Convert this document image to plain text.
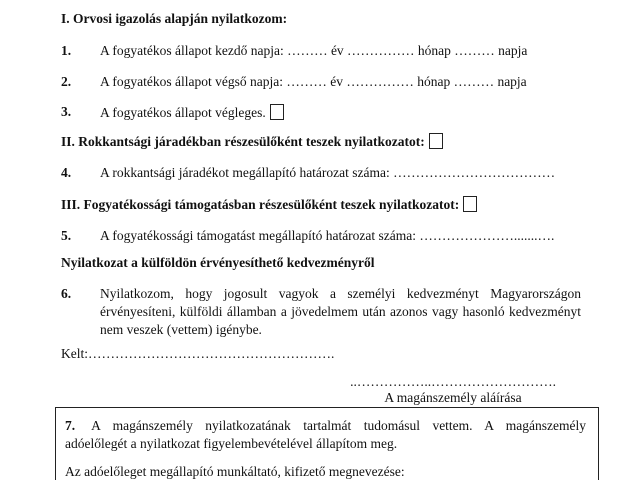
I. Orvosi igazolás alapján nyilatkozom:
1. A fogyatékos állapot kezdő napja: ……… év …………… hónap ……… napja
2. A fogyatékos állapot végső napja: ……… év …………… hónap ……… napja
3. A fogyatékos állapot végleges.
II. Rokkantsági járadékban részesülőként teszek nyilatkozatot:
4. A rokkantsági járadékot megállapító határozat száma: ………………………………
III. Fogyatékossági támogatásban részesülőként teszek nyilatkozatot:
5. A fogyatékossági támogatást megállapító határozat száma: ………………….......….
Nyilatkozat a külföldön érvényesíthető kedvezményről
6. Nyilatkozom, hogy jogosult vagyok a személyi kedvezményt Magyarországon
érvényesíteni, külföldi államban a jövedelmem után azonos vagy hasonló kedvezményt
nem veszek (vettem) igénybe.
Kelt:……………………………………………….
..……………..……………………….
A magánszemély aláírása
7. A magánszemély nyilatkozatának tartalmát tudomásul vettem. A magánszemély
adóelőlegét a nyilatkozat figyelembevételével állapítom meg.
Az adóelőleget megállapító munkáltató, kifizető megnevezése:
